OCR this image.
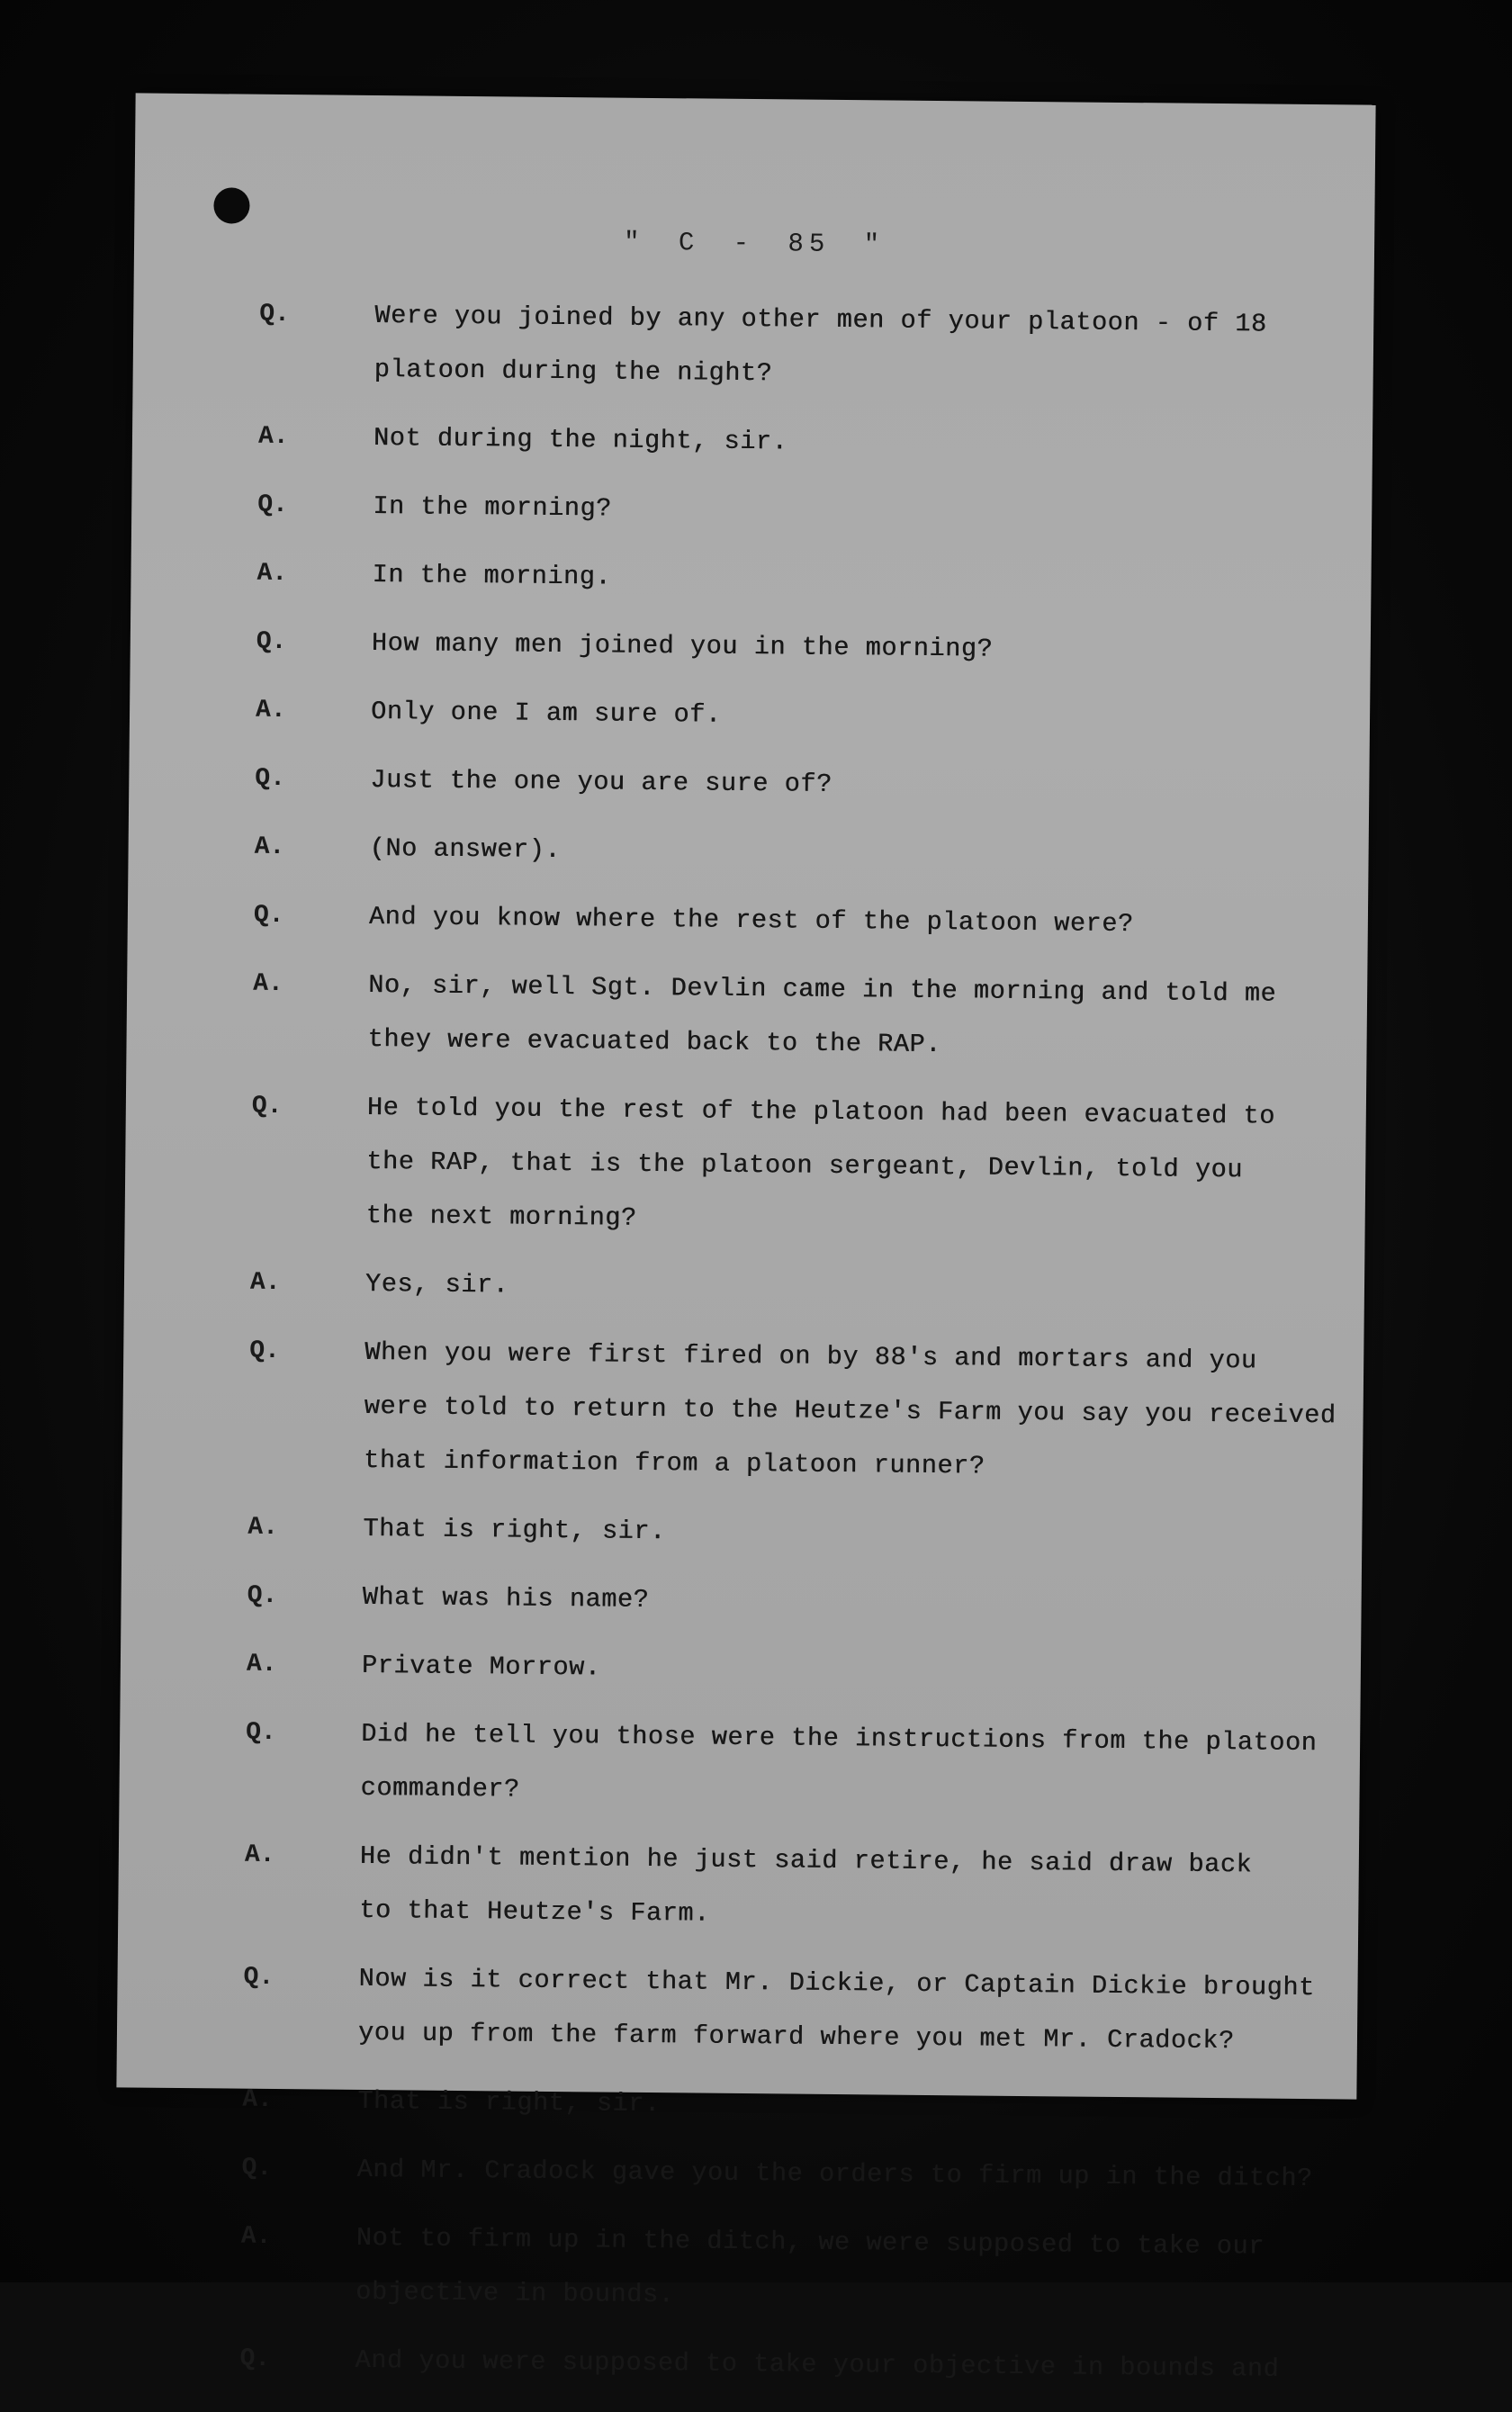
" C - 85 "
Q.	Were you joined by any other men of your platoon - of 18
platoon during the night?
A.	Not during the night, sir.
Q.	In the morning?
A.	In the morning.
Q.	How many men joined you in the morning?
A.	Only one I am sure of.
Q.	Just the one you are sure of?
A.	(No answer).
Q.	And you know where the rest of the platoon were?
A.	No, sir, well Sgt. Devlin came in the morning and told me
they were evacuated back to the RAP.
Q.	He told you the rest of the platoon had been evacuated to
the RAP, that is the platoon sergeant, Devlin, told you
the next morning?
A.	Yes, sir.
Q.	When you were first fired on by 88's and mortars and you
were told to return to the Heutze's Farm you say you received
that information from a platoon runner?
A.	That is right, sir.
Q.	What was his name?
A.	Private Morrow.
Q.	Did he tell you those were the instructions from the platoon
commander?
A.	He didn't mention he just said retire, he said draw back
to that Heutze's Farm.
Q.	Now is it correct that Mr. Dickie, or Captain Dickie brought
you up from the farm forward where you met Mr. Cradock?
A.	That is right, sir.
Q.	And Mr. Cradock gave you the orders to firm up in the ditch?
A.	Not to firm up in the ditch, we were supposed to take our
objective in bounds.
Q.	And you were supposed to take your objective in bounds and
